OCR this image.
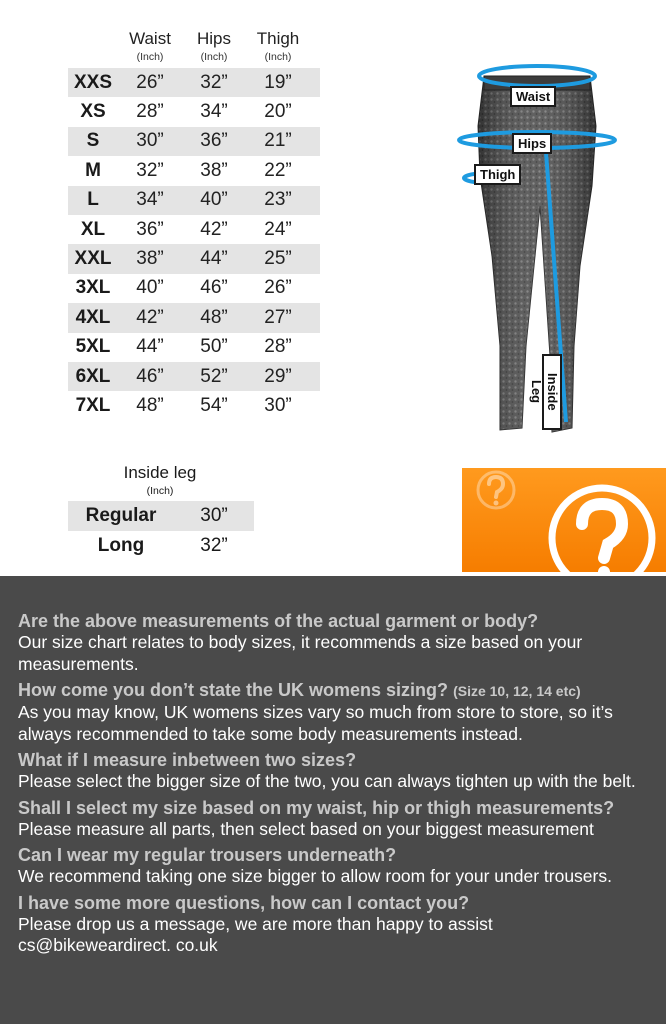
Waist
(Inch)
Hips
(Inch)
Thigh
(Inch)
XXS	26”	32”	19”
XS	28”	34”	20”
S	30”	36”	21”
M	32”	38”	22”
L	34”	40”	23”
XL	36”	42”	24”
XXL	38”	44”	25”
3XL	40”	46”	26”
4XL	42”	48”	27”
5XL	44”	50”	28”
6XL	46”	52”	29”
7XL	48”	54”	30”
Waist
Hips
Thigh
Inside Leg
Inside leg
(Inch)
Regular	30”
Long	32”
Are the above measurements of the actual garment or body?
Our size chart relates to body sizes, it recommends a size based on your measurements.
How come you don’t state the UK womens sizing? (Size 10, 12, 14 etc)
As you may know, UK womens sizes vary so much from store to store, so it’s always recommended to take some body measurements instead.
What if I measure inbetween two sizes?
Please select the bigger size of the two, you can always tighten up with the belt.
Shall I select my size based on my waist, hip or thigh measurements?
Please measure all parts, then select based on your biggest measurement
Can I wear my regular trousers underneath?
We recommend taking one size bigger to allow room for your under trousers.
I have some more questions, how can I contact you?
Please drop us a message, we are more than happy to assist
cs@bikeweardirect. co.uk
